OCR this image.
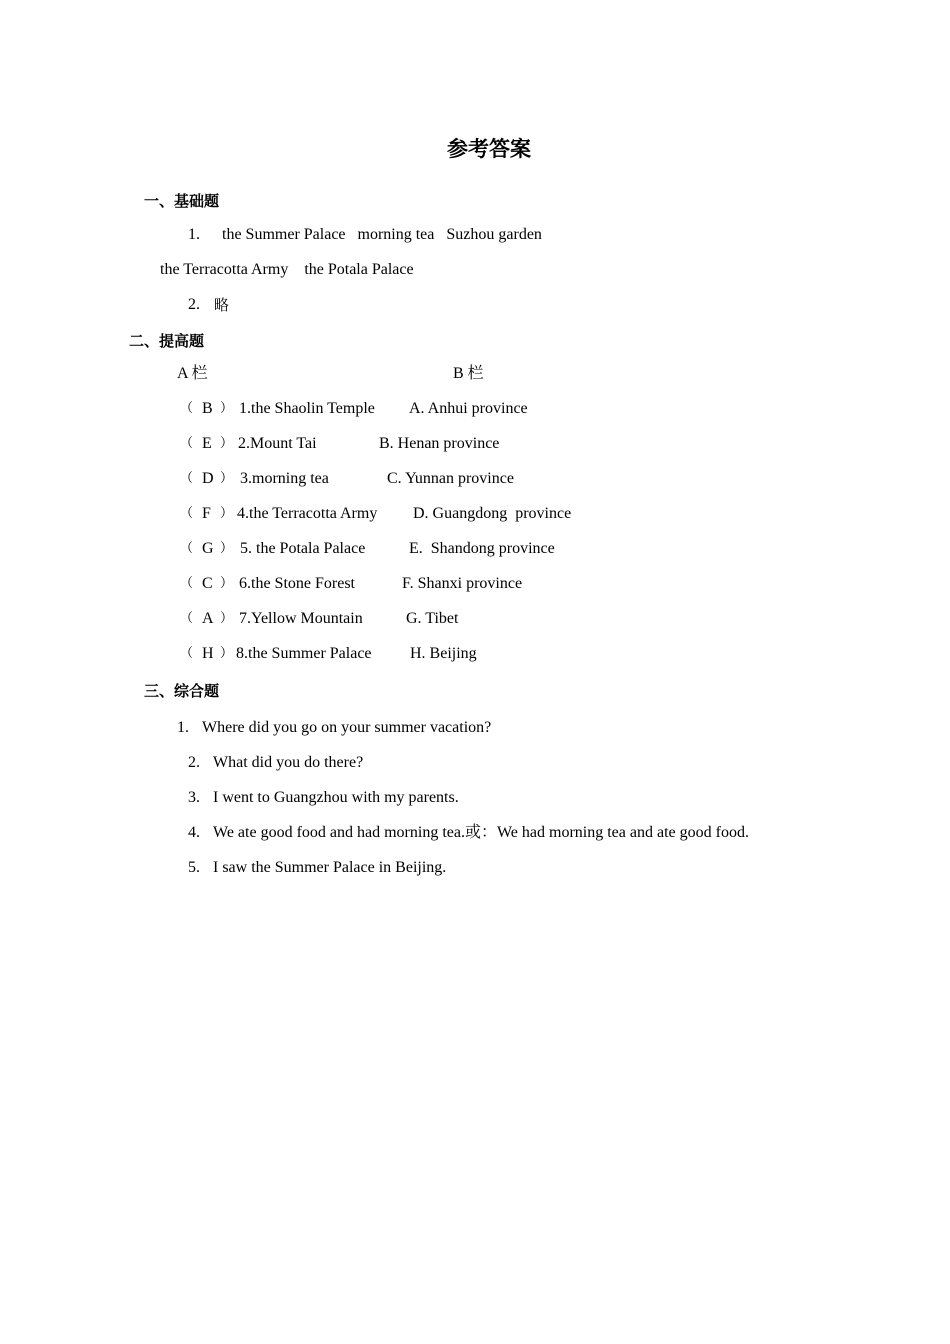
参考答案
一、基础题
1. the Summer Palace   morning tea   Suzhou garden
the Terracotta Army    the Potala Palace
2. 略
二、提高题
A 栏	B 栏
（ B ） 1.the Shaolin Temple A. Anhui province
（ E ） 2.Mount Tai	B. Henan province
（ D ） 3.morning tea	C. Yunnan province
（ F ） 4.the Terracotta Army D. Guangdong  province
（ G ） 5. the Potala Palace	E.  Shandong province
（ C ） 6.the Stone Forest	F. Shanxi province
（ A ） 7.Yellow Mountain	G. Tibet
（ H ） 8.the Summer Palace H. Beijing
三、综合题
1. Where did you go on your summer vacation?
2. What did you do there?
3. I went to Guangzhou with my parents.
4. We ate good food and had morning tea.或：We had morning tea and ate good food.
5. I saw the Summer Palace in Beijing.
